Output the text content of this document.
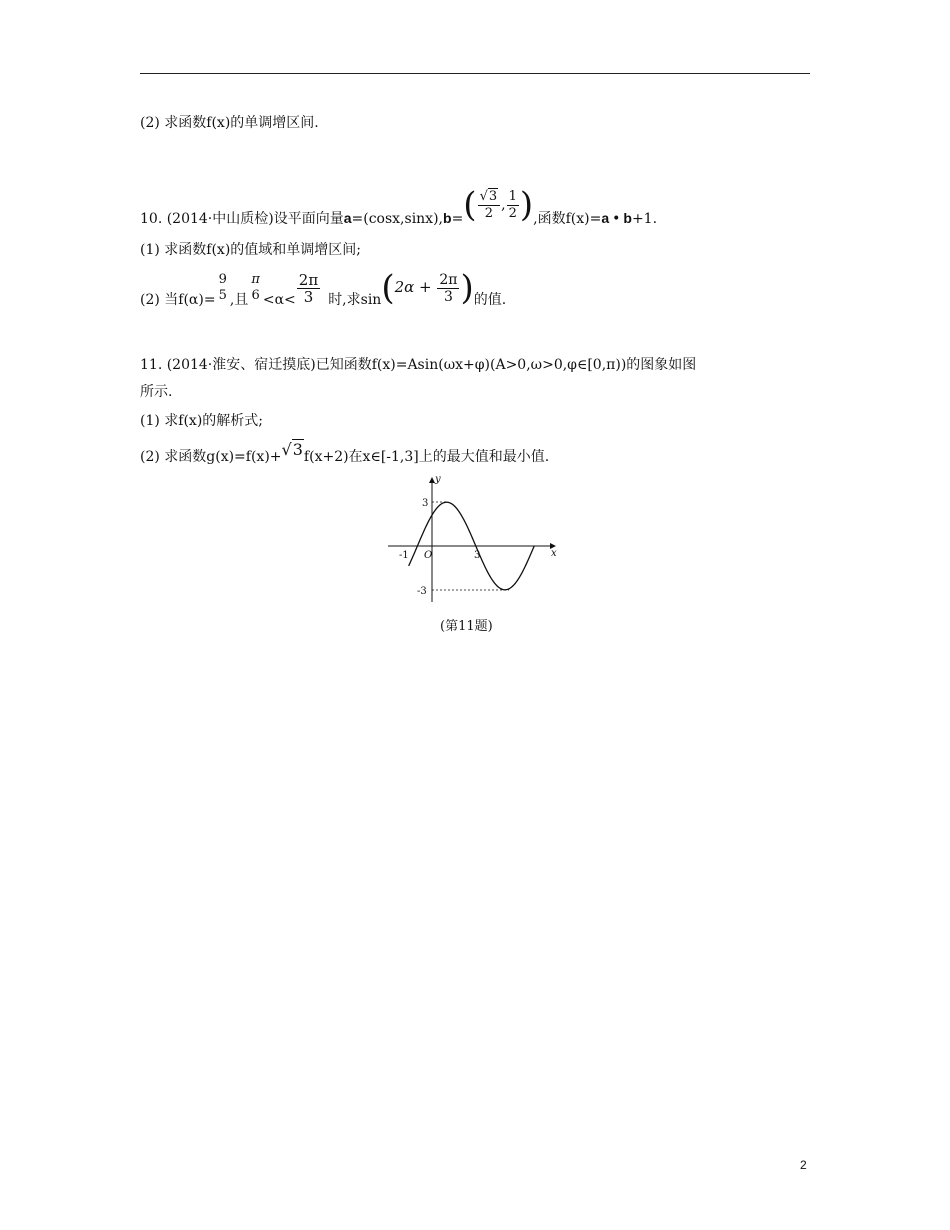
(2) 求函数f(x)的单调增区间.
10. (2014·中山质检)设平面向量$a=(\cos x,\sin x),b=( \frac{√3}{2}$ , $\frac{1}{2}$ ),函数f(x)=a • b+1.
(1) 求函数f(x)的值域和单调增区间;
(2) 当f(α)=
9
5 ,且
π
$6 <\alpha< \frac{2\pi}{3}$ 时,求$\sin(2\alpha + \frac{2\pi}{3}$ )的值.
11. (2014·淮安、宿迁摸底)已知函数f(x)=Asin(ωx+φ)(A>0,ω>0,φ∈[0,π))的图象如图
所示.
(1) 求f(x)的解析式;
(2) 求函数g(x)=f(x)+√3f(x+2)在x∈[-1,3]上的最大值和最小值.
y
x
O
-1	3
3
-3
(第11题)
2
